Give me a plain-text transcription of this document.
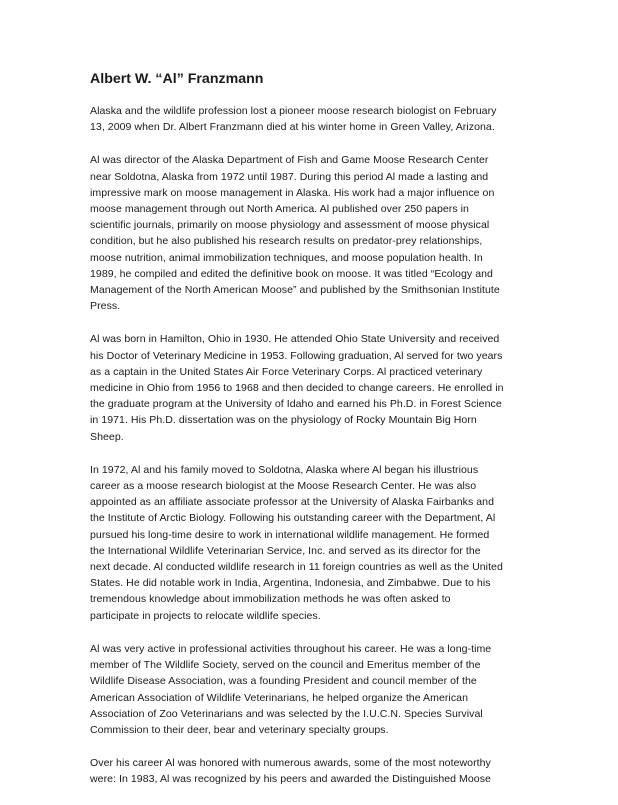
Albert W. “Al” Franzmann
Alaska and the wildlife profession lost a pioneer moose research biologist on February
13, 2009 when Dr. Albert Franzmann died at his winter home in Green Valley, Arizona.
Al was director of the Alaska Department of Fish and Game Moose Research Center
near Soldotna, Alaska from 1972 until 1987. During this period Al made a lasting and
impressive mark on moose management in Alaska. His work had a major influence on
moose management through out North America. Al published over 250 papers in
scientific journals, primarily on moose physiology and assessment of moose physical
condition, but he also published his research results on predator-prey relationships,
moose nutrition, animal immobilization techniques, and moose population health. In
1989, he compiled and edited the definitive book on moose. It was titled “Ecology and
Management of the North American Moose” and published by the Smithsonian Institute
Press.
Al was born in Hamilton, Ohio in 1930. He attended Ohio State University and received
his Doctor of Veterinary Medicine in 1953. Following graduation, Al served for two years
as a captain in the United States Air Force Veterinary Corps. Al practiced veterinary
medicine in Ohio from 1956 to 1968 and then decided to change careers. He enrolled in
the graduate program at the University of Idaho and earned his Ph.D. in Forest Science
in 1971. His Ph.D. dissertation was on the physiology of Rocky Mountain Big Horn
Sheep.
In 1972, Al and his family moved to Soldotna, Alaska where Al began his illustrious
career as a moose research biologist at the Moose Research Center. He was also
appointed as an affiliate associate professor at the University of Alaska Fairbanks and
the Institute of Arctic Biology. Following his outstanding career with the Department, Al
pursued his long-time desire to work in international wildlife management. He formed
the International Wildlife Veterinarian Service, Inc. and served as its director for the
next decade. Al conducted wildlife research in 11 foreign countries as well as the United
States. He did notable work in India, Argentina, Indonesia, and Zimbabwe. Due to his
tremendous knowledge about immobilization methods he was often asked to
participate in projects to relocate wildlife species.
Al was very active in professional activities throughout his career. He was a long-time
member of The Wildlife Society, served on the council and Emeritus member of the
Wildlife Disease Association, was a founding President and council member of the
American Association of Wildlife Veterinarians, he helped organize the American
Association of Zoo Veterinarians and was selected by the I.U.C.N. Species Survival
Commission to their deer, bear and veterinary specialty groups.
Over his career Al was honored with numerous awards, some of the most noteworthy
were: In 1983, Al was recognized by his peers and awarded the Distinguished Moose
